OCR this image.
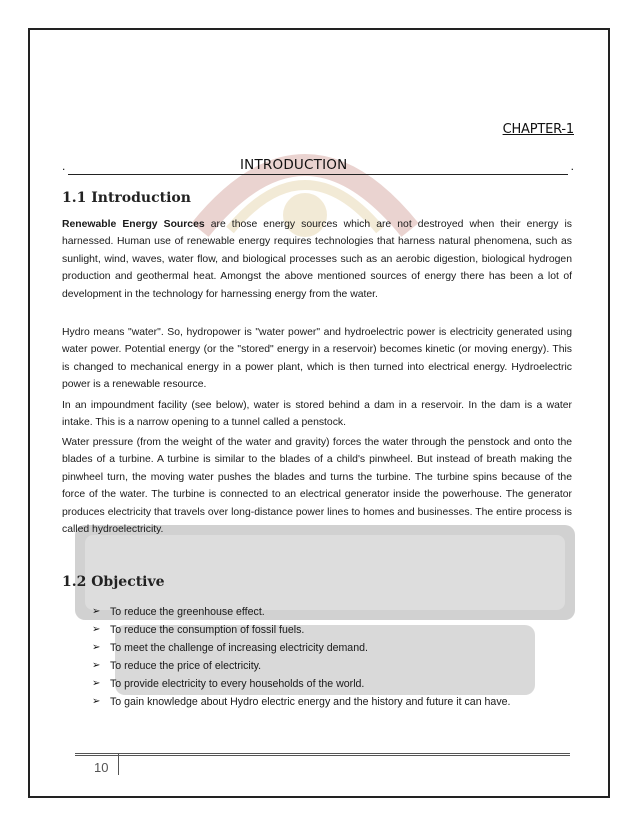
CHAPTER-1
.	.
INTRODUCTION
1.1 Introduction
Renewable Energy Sources are those energy sources which are not destroyed when their energy is harnessed. Human use of renewable energy requires technologies that harness natural phenomena, such as sunlight, wind, waves, water flow, and biological processes such as an aerobic digestion, biological hydrogen production and geothermal heat. Amongst the above mentioned sources of energy there has been a lot of development in the technology for harnessing energy from the water.
Hydro means "water". So, hydropower is "water power" and hydroelectric power is electricity generated using water power. Potential energy (or the "stored" energy in a reservoir) becomes kinetic (or moving energy). This is changed to mechanical energy in a power plant, which is then turned into electrical energy. Hydroelectric power is a renewable resource.
In an impoundment facility (see below), water is stored behind a dam in a reservoir. In the dam is a water intake. This is a narrow opening to a tunnel called a penstock.
Water pressure (from the weight of the water and gravity) forces the water through the penstock and onto the blades of a turbine. A turbine is similar to the blades of a child's pinwheel. But instead of breath making the pinwheel turn, the moving water pushes the blades and turns the turbine. The turbine spins because of the force of the water. The turbine is connected to an electrical generator inside the powerhouse. The generator produces electricity that travels over long-distance power lines to homes and businesses. The entire process is called hydroelectricity.
1.2 Objective
➢ To reduce the greenhouse effect.
➢ To reduce the consumption of fossil fuels.
➢ To meet the challenge of increasing electricity demand.
➢ To reduce the price of electricity.
➢ To provide electricity to every households of the world.
➢ To gain knowledge about Hydro electric energy and the history and future it can have.
10
